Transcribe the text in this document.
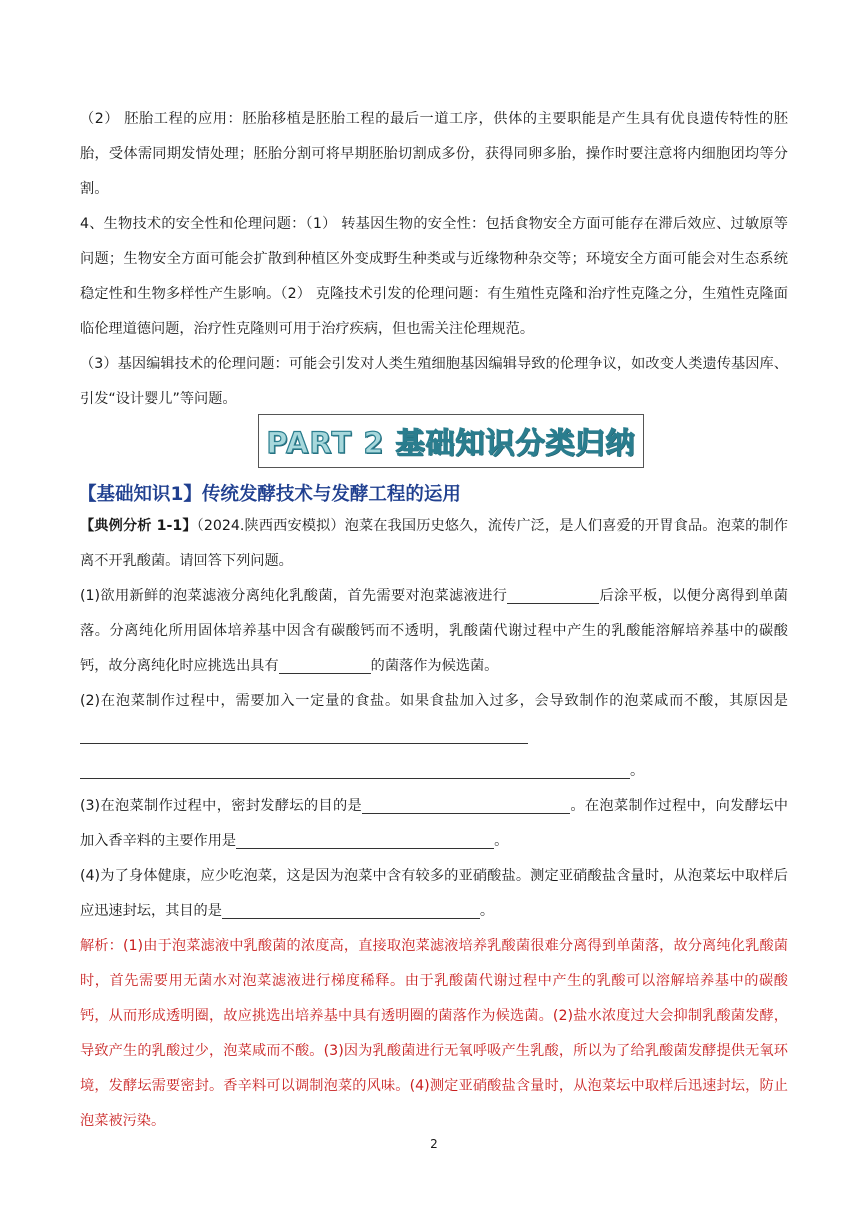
（2） 胚胎工程的应用：胚胎移植是胚胎工程的最后一道工序，供体的主要职能是产生具有优良遗传特性的胚胎，受体需同期发情处理；胚胎分割可将早期胚胎切割成多份，获得同卵多胎，操作时要注意将内细胞团均等分割。

4、生物技术的安全性和伦理问题：（1） 转基因生物的安全性：包括食物安全方面可能存在滞后效应、过敏原等问题；生物安全方面可能会扩散到种植区外变成野生种类或与近缘物种杂交等；环境安全方面可能会对生态系统稳定性和生物多样性产生影响。（2） 克隆技术引发的伦理问题：有生殖性克隆和治疗性克隆之分，生殖性克隆面临伦理道德问题，治疗性克隆则可用于治疗疾病，但也需关注伦理规范。

（3）基因编辑技术的伦理问题：可能会引发对人类生殖细胞基因编辑导致的伦理争议，如改变人类遗传基因库、引发“设计婴儿”等问题。

PART 2 基础知识分类归纳
【基础知识1】传统发酵技术与发酵工程的运用

【典例分析 1-1】（2024.陕西西安模拟）泡菜在我国历史悠久，流传广泛，是人们喜爱的开胃食品。泡菜的制作离不开乳酸菌。请回答下列问题。

(1)欲用新鲜的泡菜滤液分离纯化乳酸菌，首先需要对泡菜滤液进行	后涂平板，以便分离得到单菌落。分离纯化所用固体培养基中因含有碳酸钙而不透明，乳酸菌代谢过程中产生的乳酸能溶解培养基中的碳酸钙，故分离纯化时应挑选出具有	的菌落作为候选菌。

(2)在泡菜制作过程中，需要加入一定量的食盐。如果食盐加入过多，会导致制作的泡菜咸而不酸，其原因是
。

(3)在泡菜制作过程中，密封发酵坛的目的是	。在泡菜制作过程中，向发酵坛中加入香辛料的主要作用是	。

(4)为了身体健康，应少吃泡菜，这是因为泡菜中含有较多的亚硝酸盐。测定亚硝酸盐含量时，从泡菜坛中取样后应迅速封坛，其目的是	。

解析：(1)由于泡菜滤液中乳酸菌的浓度高，直接取泡菜滤液培养乳酸菌很难分离得到单菌落，故分离纯化乳酸菌时，首先需要用无菌水对泡菜滤液进行梯度稀释。由于乳酸菌代谢过程中产生的乳酸可以溶解培养基中的碳酸钙，从而形成透明圈，故应挑选出培养基中具有透明圈的菌落作为候选菌。(2)盐水浓度过大会抑制乳酸菌发酵，导致产生的乳酸过少，泡菜咸而不酸。(3)因为乳酸菌进行无氧呼吸产生乳酸，所以为了给乳酸菌发酵提供无氧环境，发酵坛需要密封。香辛料可以调制泡菜的风味。(4)测定亚硝酸盐含量时，从泡菜坛中取样后迅速封坛，防止泡菜被污染。

2
